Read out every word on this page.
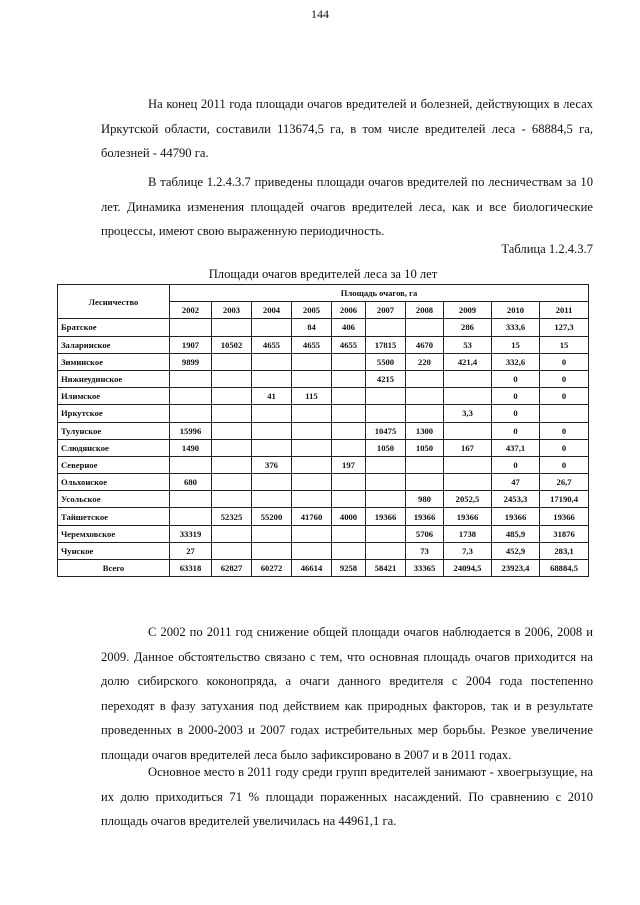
144

На конец 2011 года площади очагов вредителей и болезней, действующих в лесах Иркутской области, составили 113674,5 га, в том числе вредителей леса - 68884,5 га, болезней - 44790 га.

В таблице 1.2.4.3.7 приведены площади очагов вредителей по лесничествам за 10 лет. Динамика изменения площадей очагов вредителей леса, как и все биологические процессы, имеют свою выраженную периодичность.

Таблица 1.2.4.3.7
Площади очагов вредителей леса за 10 лет
Лесничество	Площадь очагов, га									
	2002	2003	2004	2005	2006	2007	2008	2009	2010	2011
Братское				84	406			286	333,6	127,3
Заларинское	1907	10502	4655	4655	4655	17815	4670	53	15	15
Зиминское	9899					5500	220	421,4	332,6	0
Нижнеудинское						4215			0	0
Илимское			41	115					0	0
Иркутское								3,3	0	
Тулунское	15996					10475	1300		0	0
Слюдянское	1490					1050	1050	167	437,1	0
Северное			376		197				0	0
Ольхонское	680								47	26,7
Усольское							980	2052,5	2453,3	17190,4
Тайшетское		52325	55200	41760	4000	19366	19366	19366	19366	19366
Черемховское	33319						5706	1738	485,9	31876
Чунское	27						73	7,3	452,9	283,1
Всего	63318	62827	60272	46614	9258	58421	33365	24094,5	23923,4	68884,5

С 2002 по 2011 год снижение общей площади очагов наблюдается в 2006, 2008 и 2009. Данное обстоятельство связано с тем, что основная площадь очагов приходится на долю сибирского коконопряда, а очаги данного вредителя с 2004 года постепенно переходят в фазу затухания под действием как природных факторов, так и в результате проведенных в 2000-2003 и 2007 годах истребительных мер борьбы. Резкое увеличение площади очагов вредителей леса было зафиксировано в 2007 и в 2011 годах.

Основное место в 2011 году среди групп вредителей занимают - хвоегрызущие, на их долю приходиться 71 % площади пораженных насаждений. По сравнению с 2010 площадь очагов вредителей увеличилась на 44961,1 га.
